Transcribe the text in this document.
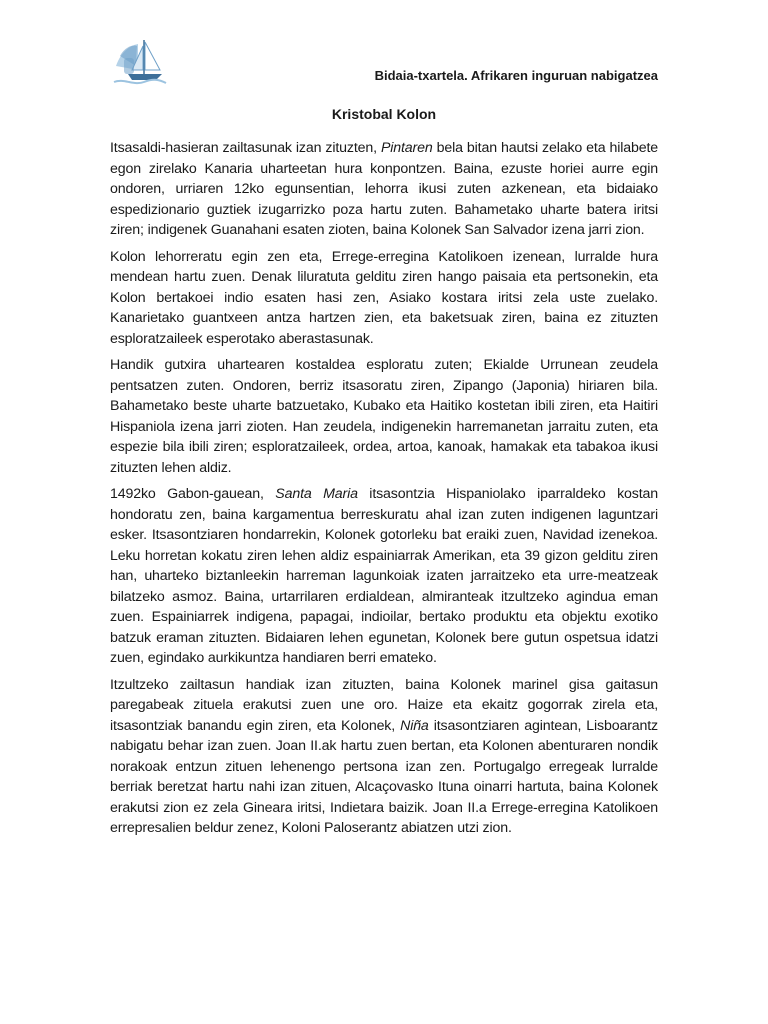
Bidaia-txartela. Afrikaren inguruan nabigatzea
Kristobal Kolon

Itsasaldi-hasieran zailtasunak izan zituzten, Pintaren bela bitan hautsi zelako eta hilabete egon zirelako Kanaria uharteetan hura konpontzen. Baina, ezuste horiei aurre egin ondoren, urriaren 12ko egunsentian, lehorra ikusi zuten azkenean, eta bidaiako espedizionario guztiek izugarrizko poza hartu zuten. Bahametako uharte batera iritsi ziren; indigenek Guanahani esaten zioten, baina Kolonek San Salvador izena jarri zion.

Kolon lehorreratu egin zen eta, Errege-erregina Katolikoen izenean, lurralde hura mendean hartu zuen. Denak liluratuta gelditu ziren hango paisaia eta pertsonekin, eta Kolon bertakoei indio esaten hasi zen, Asiako kostara iritsi zela uste zuelako. Kanarietako guantxeen antza hartzen zien, eta baketsuak ziren, baina ez zituzten esploratzaileek esperotako aberastasunak.

Handik gutxira uhartearen kostaldea esploratu zuten; Ekialde Urrunean zeudela pentsatzen zuten. Ondoren, berriz itsasoratu ziren, Zipango (Japonia) hiriaren bila. Bahametako beste uharte batzuetako, Kubako eta Haitiko kostetan ibili ziren, eta Haitiri Hispaniola izena jarri zioten. Han zeudela, indigenekin harremanetan jarraitu zuten, eta espezie bila ibili ziren; esploratzaileek, ordea, artoa, kanoak, hamakak eta tabakoa ikusi zituzten lehen aldiz.

1492ko Gabon-gauean, Santa Maria itsasontzia Hispaniolako iparraldeko kostan hondoratu zen, baina kargamentua berreskuratu ahal izan zuten indigenen laguntzari esker. Itsasontziaren hondarrekin, Kolonek gotorleku bat eraiki zuen, Navidad izenekoa. Leku horretan kokatu ziren lehen aldiz espainiarrak Amerikan, eta 39 gizon gelditu ziren han, uharteko biztanleekin harreman lagunkoiak izaten jarraitzeko eta urre-meatzeak bilatzeko asmoz. Baina, urtarrilaren erdialdean, almiranteak itzultzeko agindua eman zuen. Espainiarrek indigena, papagai, indioilar, bertako produktu eta objektu exotiko batzuk eraman zituzten. Bidaiaren lehen egunetan, Kolonek bere gutun ospetsua idatzi zuen, egindako aurkikuntza handiaren berri emateko.

Itzultzeko zailtasun handiak izan zituzten, baina Kolonek marinel gisa gaitasun paregabeak zituela erakutsi zuen une oro. Haize eta ekaitz gogorrak zirela eta, itsasontziak banandu egin ziren, eta Kolonek, Niña itsasontziaren agintean, Lisboarantz nabigatu behar izan zuen. Joan II.ak hartu zuen bertan, eta Kolonen abenturaren nondik norakoak entzun zituen lehenengo pertsona izan zen. Portugalgo erregeak lurralde berriak beretzat hartu nahi izan zituen, Alcaçovasko Ituna oinarri hartuta, baina Kolonek erakutsi zion ez zela Gineara iritsi, Indietara baizik. Joan II.a Errege-erregina Katolikoen errepresalien beldur zenez, Koloni Paloserantz abiatzen utzi zion.
